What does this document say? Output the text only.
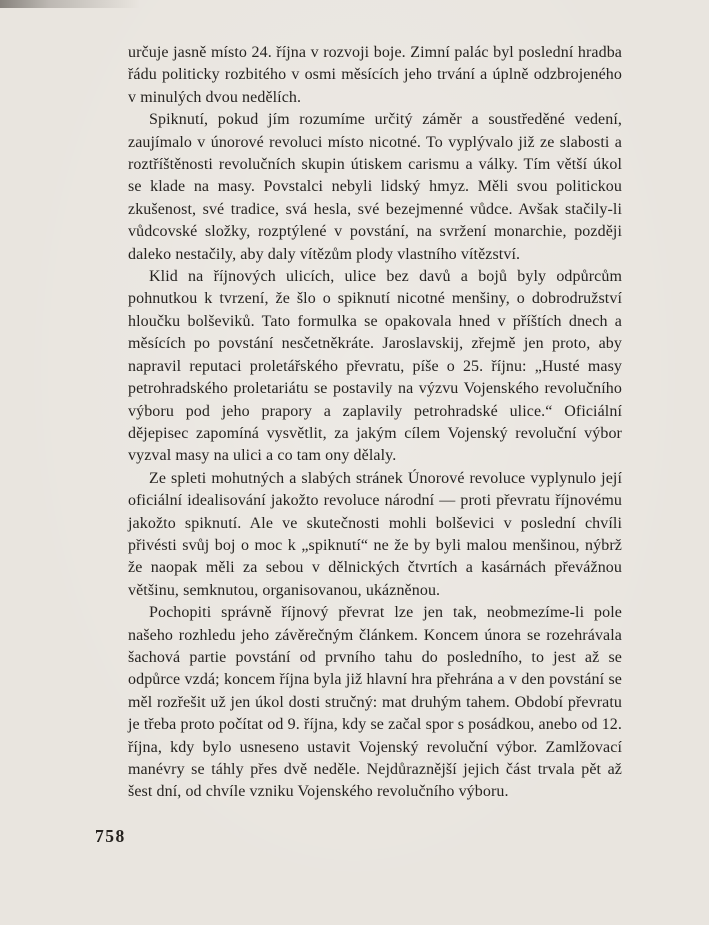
určuje jasně místo 24. října v rozvoji boje. Zimní palác byl poslední hradba řádu politicky rozbitého v osmi měsících jeho trvání a úplně odzbrojeného v minulých dvou nedělích.

Spiknutí, pokud jím rozumíme určitý záměr a soustředěné vedení, zaujímalo v únorové revoluci místo nicotné. To vyplývalo již ze slabosti a roztříštěnosti revolučních skupin útiskem carismu a války. Tím větší úkol se klade na masy. Povstalci nebyli lidský hmyz. Měli svou politickou zkušenost, své tradice, svá hesla, své bezejmenné vůdce. Avšak stačily-li vůdcovské složky, rozptýlené v povstání, na svržení monarchie, později daleko nestačily, aby daly vítězům plody vlastního vítězství.

Klid na říjnových ulicích, ulice bez davů a bojů byly odpůrcům pohnutkou k tvrzení, že šlo o spiknutí nicotné menšiny, o dobrodružství hloučku bolševiků. Tato formulka se opakovala hned v příštích dnech a měsících po povstání nesčetněkráte. Jaroslavskij, zřejmě jen proto, aby napravil reputaci proletářského převratu, píše o 25. říjnu: „Husté masy petrohradského proletariátu se postavily na výzvu Vojenského revolučního výboru pod jeho prapory a zaplavily petrohradské ulice.“ Oficiální dějepisec zapomíná vysvětlit, za jakým cílem Vojenský revoluční výbor vyzval masy na ulici a co tam ony dělaly.

Ze spleti mohutných a slabých stránek Únorové revoluce vyplynulo její oficiální idealisování jakožto revoluce národní — proti převratu říjnovému jakožto spiknutí. Ale ve skutečnosti mohli bolševici v poslední chvíli přivésti svůj boj o moc k „spiknutí“ ne že by byli malou menšinou, nýbrž že naopak měli za sebou v dělnických čtvrtích a kasárnách převážnou většinu, semknutou, organisovanou, ukázněnou.

Pochopiti správně říjnový převrat lze jen tak, neobmezíme-li pole našeho rozhledu jeho závěrečným článkem. Koncem února se rozehrávala šachová partie povstání od prvního tahu do posledního, to jest až se odpůrce vzdá; koncem října byla již hlavní hra přehrána a v den povstání se měl rozřešit už jen úkol dosti stručný: mat druhým tahem. Období převratu je třeba proto počítat od 9. října, kdy se začal spor s posádkou, anebo od 12. října, kdy bylo usneseno ustavit Vojenský revoluční výbor. Zamlžovací manévry se táhly přes dvě neděle. Nejdůraznější jejich část trvala pět až šest dní, od chvíle vzniku Vojenského revolučního výboru.

758
